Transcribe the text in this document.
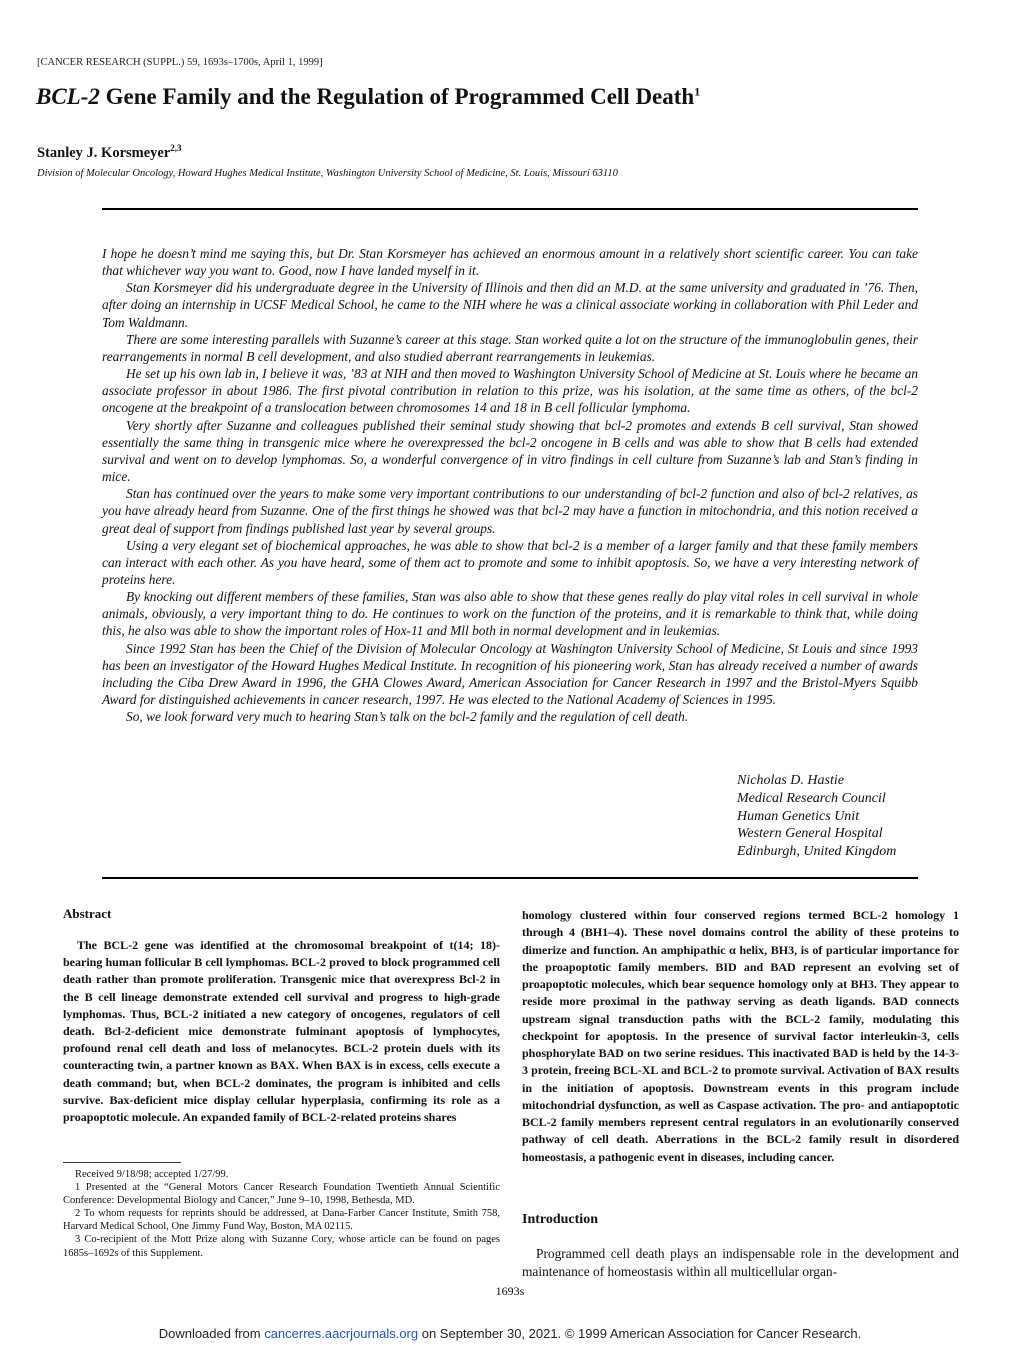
[CANCER RESEARCH (SUPPL.) 59, 1693s–1700s, April 1, 1999]
BCL-2 Gene Family and the Regulation of Programmed Cell Death$^1$
Stanley J. Korsmeyer$^{2,3}$
Division of Molecular Oncology, Howard Hughes Medical Institute, Washington University School of Medicine, St. Louis, Missouri 63110

I hope he doesn’t mind me saying this, but Dr. Stan Korsmeyer has achieved an enormous amount in a relatively short scientific career. You can take that whichever way you want to. Good, now I have landed myself in it.

Stan Korsmeyer did his undergraduate degree in the University of Illinois and then did an M.D. at the same university and graduated in ’76. Then, after doing an internship in UCSF Medical School, he came to the NIH where he was a clinical associate working in collaboration with Phil Leder and Tom Waldmann.

There are some interesting parallels with Suzanne’s career at this stage. Stan worked quite a lot on the structure of the immunoglobulin genes, their rearrangements in normal B cell development, and also studied aberrant rearrangements in leukemias.

He set up his own lab in, I believe it was, ’83 at NIH and then moved to Washington University School of Medicine at St. Louis where he became an associate professor in about 1986. The first pivotal contribution in relation to this prize, was his isolation, at the same time as others, of the bcl-2 oncogene at the breakpoint of a translocation between chromosomes 14 and 18 in B cell follicular lymphoma.

Very shortly after Suzanne and colleagues published their seminal study showing that bcl-2 promotes and extends B cell survival, Stan showed essentially the same thing in transgenic mice where he overexpressed the bcl-2 oncogene in B cells and was able to show that B cells had extended survival and went on to develop lymphomas. So, a wonderful convergence of in vitro findings in cell culture from Suzanne’s lab and Stan’s finding in mice.

Stan has continued over the years to make some very important contributions to our understanding of bcl-2 function and also of bcl-2 relatives, as you have already heard from Suzanne. One of the first things he showed was that bcl-2 may have a function in mitochondria, and this notion received a great deal of support from findings published last year by several groups.

Using a very elegant set of biochemical approaches, he was able to show that bcl-2 is a member of a larger family and that these family members can interact with each other. As you have heard, some of them act to promote and some to inhibit apoptosis. So, we have a very interesting network of proteins here.

By knocking out different members of these families, Stan was also able to show that these genes really do play vital roles in cell survival in whole animals, obviously, a very important thing to do. He continues to work on the function of the proteins, and it is remarkable to think that, while doing this, he also was able to show the important roles of Hox-11 and Mll both in normal development and in leukemias.

Since 1992 Stan has been the Chief of the Division of Molecular Oncology at Washington University School of Medicine, St Louis and since 1993 has been an investigator of the Howard Hughes Medical Institute. In recognition of his pioneering work, Stan has already received a number of awards including the Ciba Drew Award in 1996, the GHA Clowes Award, American Association for Cancer Research in 1997 and the Bristol-Myers Squibb Award for distinguished achievements in cancer research, 1997. He was elected to the National Academy of Sciences in 1995.

So, we look forward very much to hearing Stan’s talk on the bcl-2 family and the regulation of cell death.

Nicholas D. Hastie
Medical Research Council
Human Genetics Unit
Western General Hospital
Edinburgh, United Kingdom
Abstract
The BCL-2 gene was identified at the chromosomal breakpoint of t(14; 18)-bearing human follicular B cell lymphomas. BCL-2 proved to block programmed cell death rather than promote proliferation. Transgenic mice that overexpress Bcl-2 in the B cell lineage demonstrate extended cell survival and progress to high-grade lymphomas. Thus, BCL-2 initiated a new category of oncogenes, regulators of cell death. Bcl-2-deficient mice demonstrate fulminant apoptosis of lymphocytes, profound renal cell death and loss of melanocytes. BCL-2 protein duels with its counteracting twin, a partner known as BAX. When BAX is in excess, cells execute a death command; but, when BCL-2 dominates, the program is inhibited and cells survive. Bax-deficient mice display cellular hyperplasia, confirming its role as a proapoptotic molecule. An expanded family of BCL-2-related proteins shares

Received 9/18/98; accepted 1/27/99.

1 Presented at the “General Motors Cancer Research Foundation Twentieth Annual Scientific Conference: Developmental Biology and Cancer,” June 9–10, 1998, Bethesda, MD.

2 To whom requests for reprints should be addressed, at Dana-Farber Cancer Institute, Smith 758, Harvard Medical School, One Jimmy Fund Way, Boston, MA 02115.

3 Co-recipient of the Mott Prize along with Suzanne Cory, whose article can be found on pages 1685s–1692s of this Supplement.

homology clustered within four conserved regions termed BCL-2 homology 1 through 4 (BH1–4). These novel domains control the ability of these proteins to dimerize and function. An amphipathic α helix, BH3, is of particular importance for the proapoptotic family members. BID and BAD represent an evolving set of proapoptotic molecules, which bear sequence homology only at BH3. They appear to reside more proximal in the pathway serving as death ligands. BAD connects upstream signal transduction paths with the BCL-2 family, modulating this checkpoint for apoptosis. In the presence of survival factor interleukin-3, cells phosphorylate BAD on two serine residues. This inactivated BAD is held by the 14-3-3 protein, freeing BCL-XL and BCL-2 to promote survival. Activation of BAX results in the initiation of apoptosis. Downstream events in this program include mitochondrial dysfunction, as well as Caspase activation. The pro- and antiapoptotic BCL-2 family members represent central regulators in an evolutionarily conserved pathway of cell death. Aberrations in the BCL-2 family result in disordered homeostasis, a pathogenic event in diseases, including cancer.
Introduction
Programmed cell death plays an indispensable role in the development and maintenance of homeostasis within all multicellular organ-
1693s
Downloaded from cancerres.aacrjournals.org on September 30, 2021. © 1999 American Association for Cancer Research.
